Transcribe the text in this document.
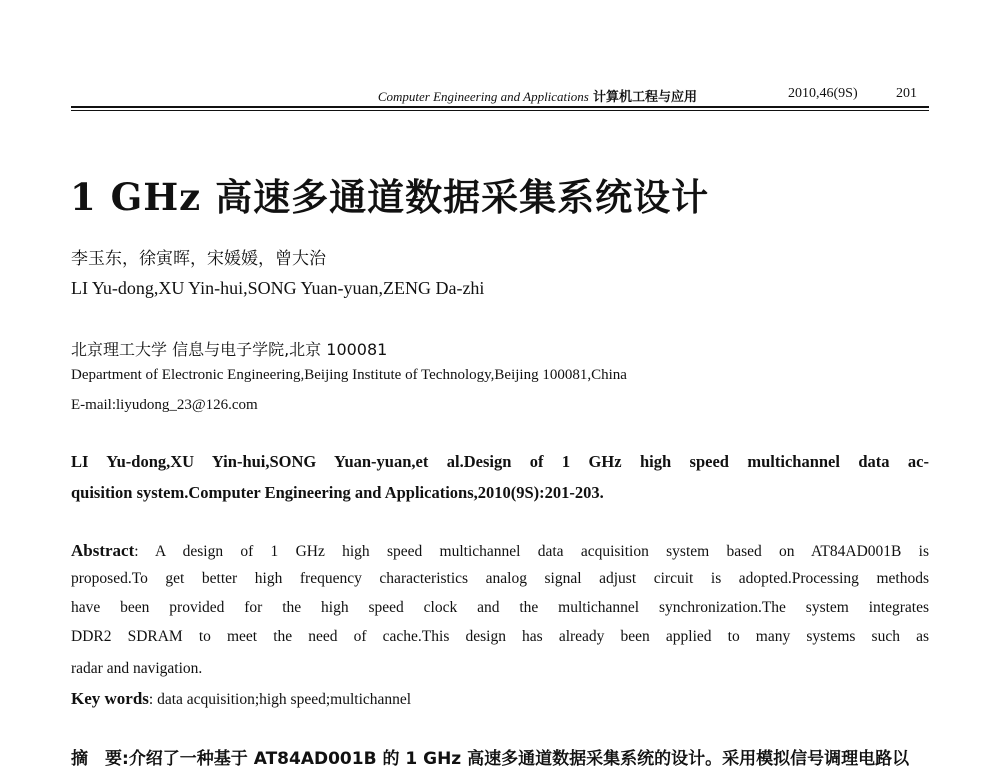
Computer Engineering and Applications 计算机工程与应用	2010,46(9S)	201
1 GHz 高速多通道数据采集系统设计
李玉东，徐寅晖，宋媛媛，曾大治
LI Yu-dong,XU Yin-hui,SONG Yuan-yuan,ZENG Da-zhi
北京理工大学 信息与电子学院,北京 100081
Department of Electronic Engineering,Beijing Institute of Technology,Beijing 100081,China
E-mail:liyudong_23@126.com
LI Yu-dong,XU Yin-hui,SONG Yuan-yuan,et al.Design of 1 GHz high speed multichannel data ac-
quisition system.Computer Engineering and Applications,2010(9S):201-203.
Abstract: A design of 1 GHz high speed multichannel data acquisition system based on AT84AD001B is
proposed.To get better high frequency characteristics analog signal adjust circuit is adopted.Processing methods
have been provided for the high speed clock and the multichannel synchronization.The system integrates
DDR2 SDRAM to meet the need of cache.This design has already been applied to many systems such as
radar and navigation.
Key words: data acquisition;high speed;multichannel
摘　要:介绍了一种基于 AT84AD001B 的 1 GHz 高速多通道数据采集系统的设计。采用模拟信号调理电路以
